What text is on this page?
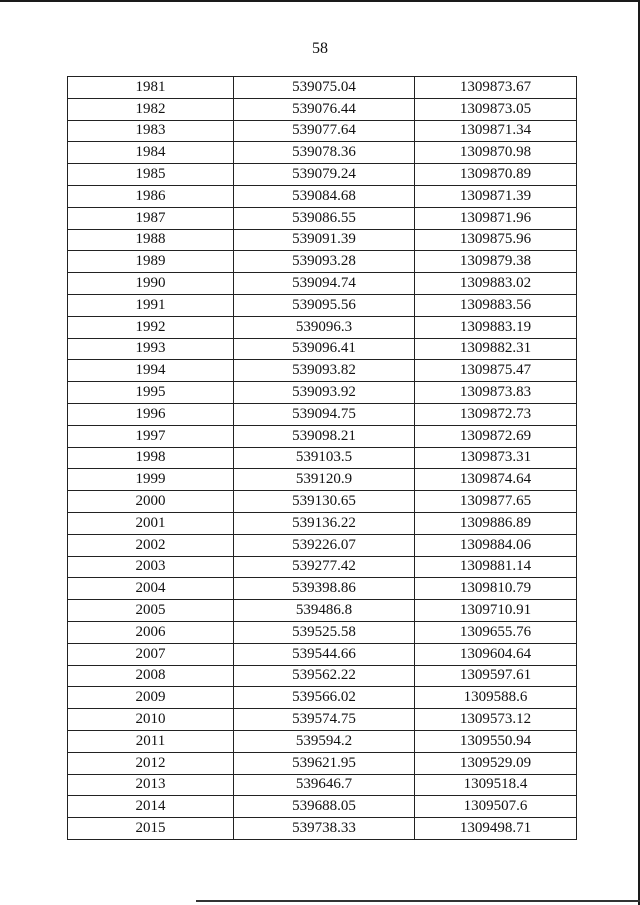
58
1981	539075.04	1309873.67
1982	539076.44	1309873.05
1983	539077.64	1309871.34
1984	539078.36	1309870.98
1985	539079.24	1309870.89
1986	539084.68	1309871.39
1987	539086.55	1309871.96
1988	539091.39	1309875.96
1989	539093.28	1309879.38
1990	539094.74	1309883.02
1991	539095.56	1309883.56
1992	539096.3	1309883.19
1993	539096.41	1309882.31
1994	539093.82	1309875.47
1995	539093.92	1309873.83
1996	539094.75	1309872.73
1997	539098.21	1309872.69
1998	539103.5	1309873.31
1999	539120.9	1309874.64
2000	539130.65	1309877.65
2001	539136.22	1309886.89
2002	539226.07	1309884.06
2003	539277.42	1309881.14
2004	539398.86	1309810.79
2005	539486.8	1309710.91
2006	539525.58	1309655.76
2007	539544.66	1309604.64
2008	539562.22	1309597.61
2009	539566.02	1309588.6
2010	539574.75	1309573.12
2011	539594.2	1309550.94
2012	539621.95	1309529.09
2013	539646.7	1309518.4
2014	539688.05	1309507.6
2015	539738.33	1309498.71
